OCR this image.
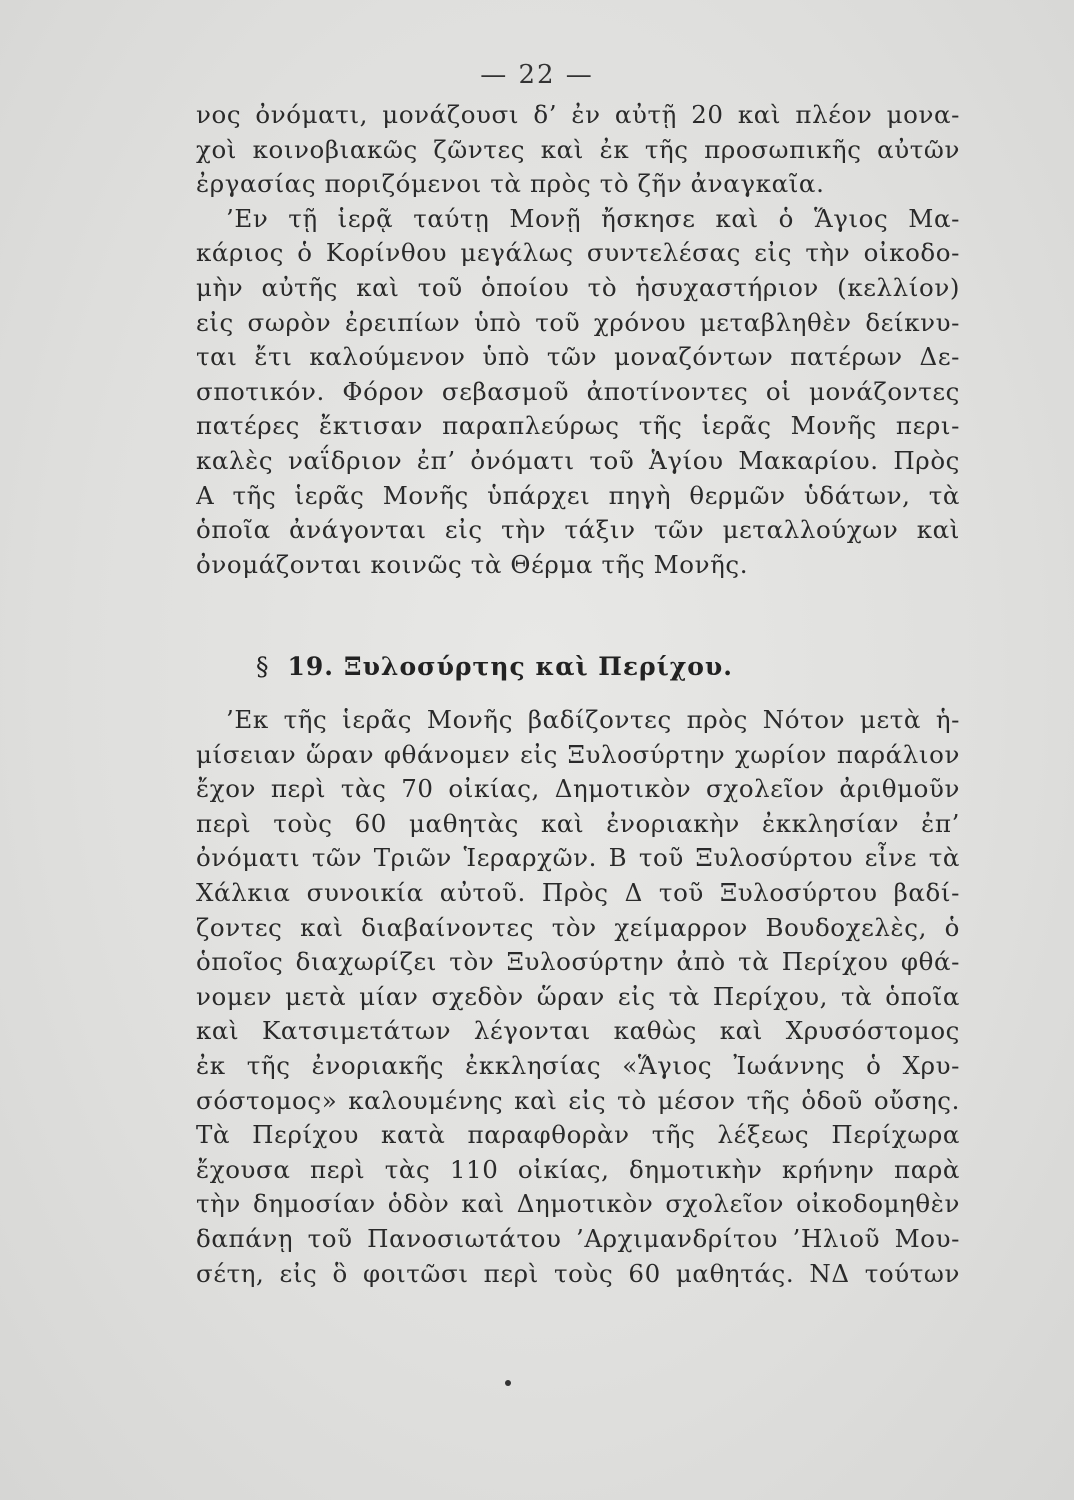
— 22 —
νος ὀνόματι, μονάζουσι δ’ ἐν αὐτῇ 20 καὶ πλέον μονα-
χοὶ κοινοβιακῶς ζῶντες καὶ ἐκ τῆς προσωπικῆς αὐτῶν
ἐργασίας ποριζόμενοι τὰ πρὸς τὸ ζῆν ἀναγκαῖα.
’Εν τῇ ἱερᾷ ταύτῃ Μονῇ ἤσκησε καὶ ὁ Ἅγιος Μα-
κάριος ὁ Κορίνθου μεγάλως συντελέσας εἰς τὴν οἰκοδο-
μὴν αὐτῆς καὶ τοῦ ὁποίου τὸ ἡσυχαστήριον (κελλίον)
εἰς σωρὸν ἐρειπίων ὑπὸ τοῦ χρόνου μεταβληθὲν δείκνυ-
ται ἔτι καλούμενον ὑπὸ τῶν μοναζόντων πατέρων Δε-
σποτικόν. Φόρον σεβασμοῦ ἀποτίνοντες οἱ μονάζοντες
πατέρες ἔκτισαν παραπλεύρως τῆς ἱερᾶς Μονῆς περι-
καλὲς ναΐδριον ἐπ’ ὀνόματι τοῦ Ἁγίου Μακαρίου. Πρὸς
Α τῆς ἱερᾶς Μονῆς ὑπάρχει πηγὴ θερμῶν ὑδάτων, τὰ
ὁποῖα ἀνάγονται εἰς τὴν τάξιν τῶν μεταλλούχων καὶ
ὀνομάζονται κοινῶς τὰ Θέρμα τῆς Μονῆς.
§ 19. Ξυλοσύρτης καὶ Περίχου.
’Εκ τῆς ἱερᾶς Μονῆς βαδίζοντες πρὸς Νότον μετὰ ἡ-
μίσειαν ὥραν φθάνομεν εἰς Ξυλοσύρτην χωρίον παράλιον
ἔχον περὶ τὰς 70 οἰκίας, Δημοτικὸν σχολεῖον ἀριθμοῦν
περὶ τοὺς 60 μαθητὰς καὶ ἐνοριακὴν ἐκκλησίαν ἐπ’
ὀνόματι τῶν Τριῶν Ἱεραρχῶν. Β τοῦ Ξυλοσύρτου εἶνε τὰ
Χάλκια συνοικία αὐτοῦ. Πρὸς Δ τοῦ Ξυλοσύρτου βαδί-
ζοντες καὶ διαβαίνοντες τὸν χείμαρρον Βουδοχελὲς, ὁ
ὁποῖος διαχωρίζει τὸν Ξυλοσύρτην ἀπὸ τὰ Περίχου φθά-
νομεν μετὰ μίαν σχεδὸν ὥραν εἰς τὰ Περίχου, τὰ ὁποῖα
καὶ Κατσιμετάτων λέγονται καθὼς καὶ Χρυσόστομος
ἐκ τῆς ἐνοριακῆς ἐκκλησίας «Ἅγιος Ἰωάννης ὁ Χρυ-
σόστομος» καλουμένης καὶ εἰς τὸ μέσον τῆς ὁδοῦ οὔσης.
Τὰ Περίχου κατὰ παραφθορὰν τῆς λέξεως Περίχωρα
ἔχουσα περὶ τὰς 110 οἰκίας, δημοτικὴν κρήνην παρὰ
τὴν δημοσίαν ὁδὸν καὶ Δημοτικὸν σχολεῖον οἰκοδομηθὲν
δαπάνῃ τοῦ Πανοσιωτάτου ’Αρχιμανδρίτου ’Ηλιοῦ Μου-
σέτη, εἰς ὃ φοιτῶσι περὶ τοὺς 60 μαθητάς. ΝΔ τούτων
